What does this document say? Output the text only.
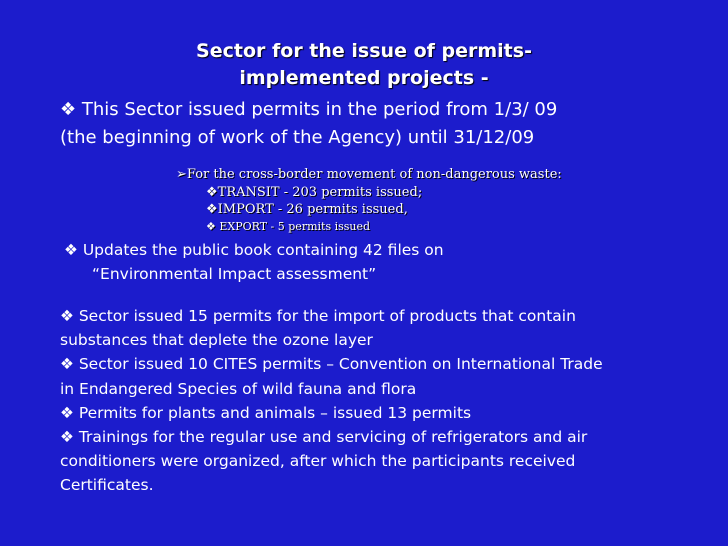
Sector for the issue of permits-
implemented projects -
❖ This Sector issued permits in the period from 1/3/ 09
(the beginning of work of the Agency) until 31/12/09
➢For the cross-border movement of non-dangerous waste:
❖TRANSIT - 203 permits issued;
❖IMPORT - 26 permits issued,
❖ EXPORT - 5 permits issued
❖ Updates the public book containing 42 files on
“Environmental Impact assessment”
❖ Sector issued 15 permits for the import of products that contain
substances that deplete the ozone layer
❖ Sector issued 10 CITES permits – Convention on International Trade
in Endangered Species of wild fauna and flora
❖ Permits for plants and animals – issued 13 permits
❖ Trainings for the regular use and servicing of refrigerators and air
conditioners were organized, after which the participants received
Certificates.
